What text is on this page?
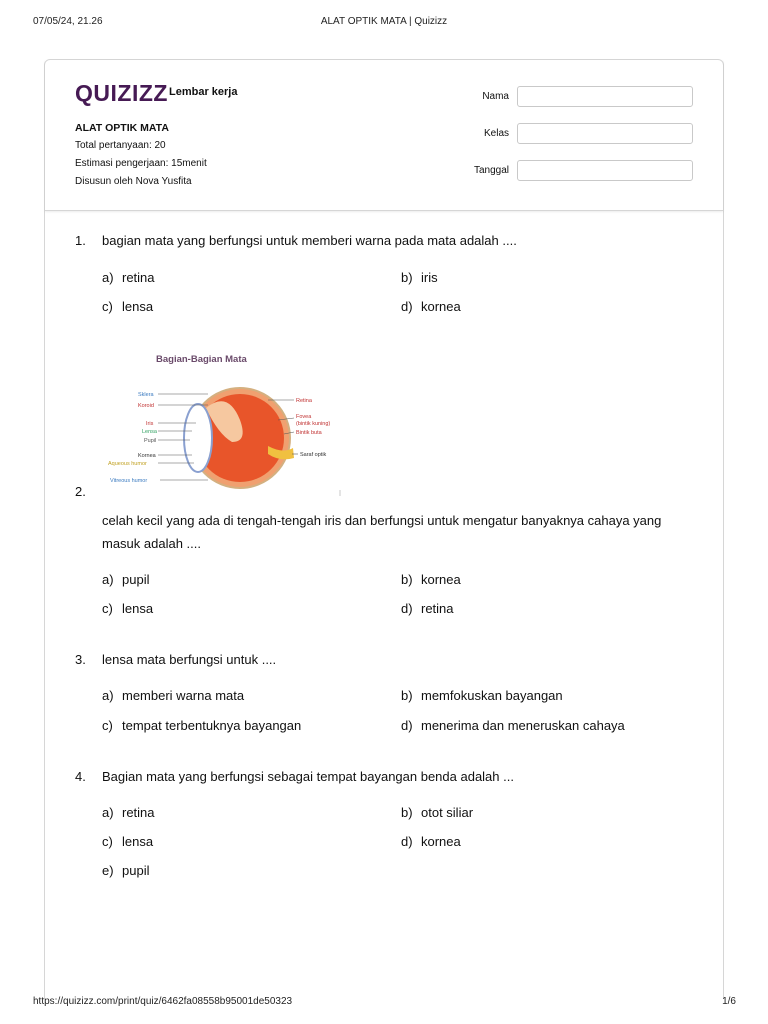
07/05/24, 21.26	ALAT OPTIK MATA | Quizizz
QUIZIZZ Lembar kerja
ALAT OPTIK MATA
Total pertanyaan: 20
Estimasi pengerjaan: 15menit
Disusun oleh Nova Yusfita
Nama
Kelas
Tanggal
1. bagian mata yang berfungsi untuk memberi warna pada mata adalah ....
a) retina	b) iris
c) lensa	d) kornea
Bagian-Bagian Mata
Sklera
Koroid
Iris
Lensa
Pupil
Kornea
Aqueous humor
Vitreous humor
Retina
Fovea
(bintik kuning)
Bintik buta
Saraf optik
2.
celah kecil yang ada di tengah-tengah iris dan berfungsi untuk mengatur banyaknya cahaya yang masuk adalah ....
a) pupil	b) kornea
c) lensa	d) retina
3. lensa mata berfungsi untuk ....
a) memberi warna mata	b) memfokuskan bayangan
c) tempat terbentuknya bayangan	d) menerima dan meneruskan cahaya
4. Bagian mata yang berfungsi sebagai tempat bayangan benda adalah ...
a) retina	b) otot siliar
c) lensa	d) kornea
e) pupil
https://quizizz.com/print/quiz/6462fa08558b95001de50323	1/6
